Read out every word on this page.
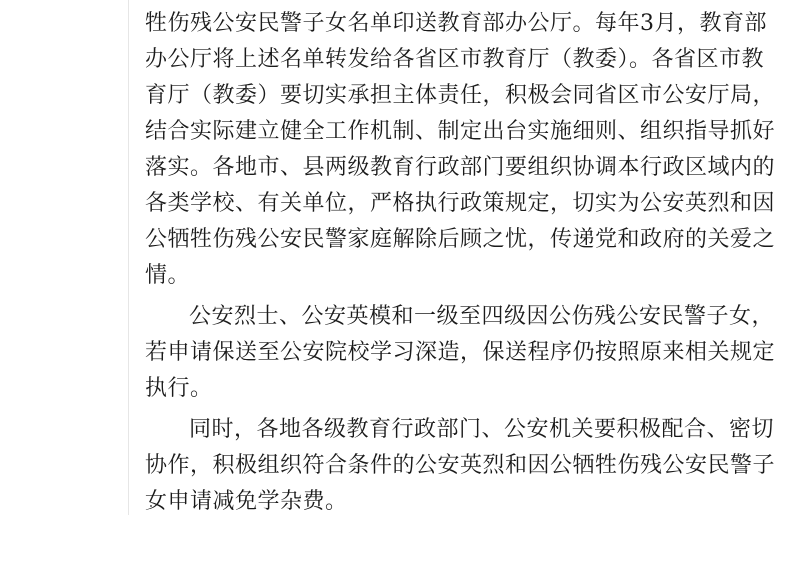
牲伤残公安民警子女名单印送教育部办公厅。每年3月，教育部
办公厅将上述名单转发给各省区市教育厅（教委）。各省区市教
育厅（教委）要切实承担主体责任，积极会同省区市公安厅局，
结合实际建立健全工作机制、制定出台实施细则、组织指导抓好
落实。各地市、县两级教育行政部门要组织协调本行政区域内的
各类学校、有关单位，严格执行政策规定，切实为公安英烈和因
公牺牲伤残公安民警家庭解除后顾之忧，传递党和政府的关爱之
情。
公安烈士、公安英模和一级至四级因公伤残公安民警子女，
若申请保送至公安院校学习深造，保送程序仍按照原来相关规定
执行。
同时，各地各级教育行政部门、公安机关要积极配合、密切
协作，积极组织符合条件的公安英烈和因公牺牲伤残公安民警子
女申请减免学杂费。
